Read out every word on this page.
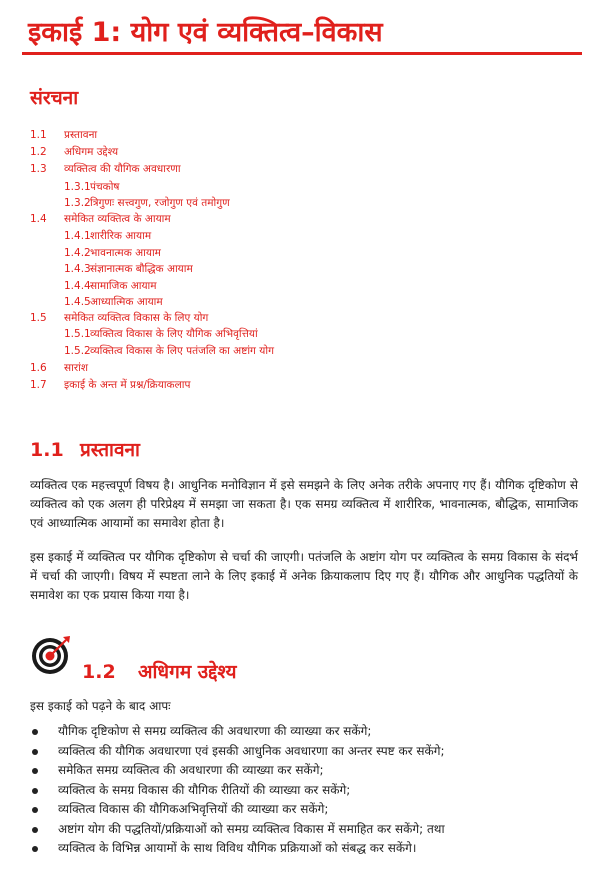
इकाई 1: योग एवं व्यक्तित्व–विकास
संरचना
1.1 प्रस्तावना
1.2 अधिगम उद्देश्य
1.3 व्यक्तित्व की यौगिक अवधारणा
1.3.1पंचकोष
1.3.2त्रिगुणः सत्त्वगुण, रजोगुण एवं तमोगुण
1.4 समेकित व्यक्तित्व के आयाम
1.4.1शारीरिक आयाम
1.4.2भावनात्मक आयाम
1.4.3संज्ञानात्मक बौद्धिक आयाम
1.4.4सामाजिक आयाम
1.4.5आध्यात्मिक आयाम
1.5 समेकित व्यक्तित्व विकास के लिए योग
1.5.1व्यक्तित्व विकास के लिए यौगिक अभिवृत्तियां
1.5.2व्यक्तित्व विकास के लिए पतंजलि का अष्टांग योग
1.6 सारांश
1.7 इकाई के अन्त में प्रश्न/क्रियाकलाप
1.1 प्रस्तावना

व्यक्तित्व एक महत्त्वपूर्ण विषय है। आधुनिक मनोविज्ञान में इसे समझने के लिए अनेक तरीके अपनाए गए हैं। यौगिक दृष्टिकोण से व्यक्तित्व को एक अलग ही परिप्रेक्ष्य में समझा जा सकता है। एक समग्र व्यक्तित्व में शारीरिक, भावनात्मक, बौद्धिक, सामाजिक एवं आध्यात्मिक आयामों का समावेश होता है।

इस इकाई में व्यक्तित्व पर यौगिक दृष्टिकोण से चर्चा की जाएगी। पतंजलि के अष्टांग योग पर व्यक्तित्व के समग्र विकास के संदर्भ में चर्चा की जाएगी। विषय में स्पष्टता लाने के लिए इकाई में अनेक क्रियाकलाप दिए गए हैं। यौगिक और आधुनिक पद्धतियों के समावेश का एक प्रयास किया गया है।

1.2 अधिगम उद्देश्य

इस इकाई को पढ़ने के बाद आपः

यौगिक दृष्टिकोण से समग्र व्यक्तित्व की अवधारणा की व्याख्या कर सकेंगे;
व्यक्तित्व की यौगिक अवधारणा एवं इसकी आधुनिक अवधारणा का अन्तर स्पष्ट कर सकेंगे;
समेकित समग्र व्यक्तित्व की अवधारणा की व्याख्या कर सकेंगे;
व्यक्तित्व के समग्र विकास की यौगिक रीतियों की व्याख्या कर सकेंगे;
व्यक्तित्व विकास की यौगिकअभिवृत्तियों की व्याख्या कर सकेंगे;
अष्टांग योग की पद्धतियों/प्रक्रियाओं को समग्र व्यक्तित्व विकास में समाहित कर सकेंगे; तथा
व्यक्तित्व के विभिन्न आयामों के साथ विविध यौगिक प्रक्रियाओं को संबद्ध कर सकेंगे।
